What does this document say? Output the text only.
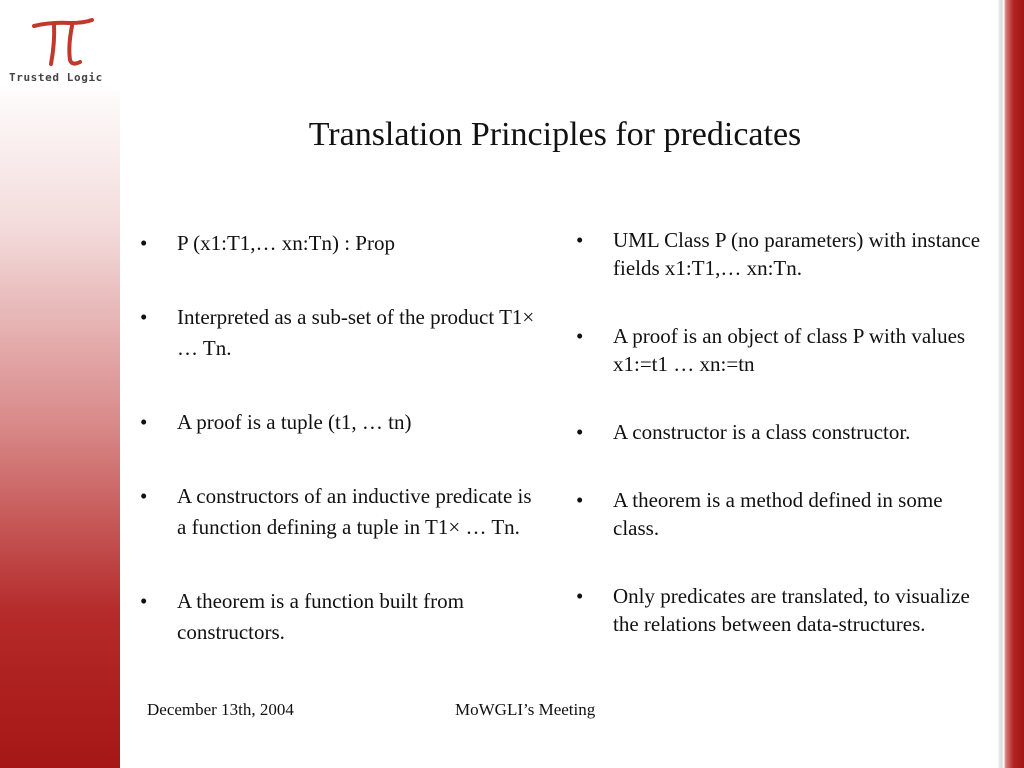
Trusted Logic
Translation Principles for predicates
• P (x1:T1,… xn:Tn) : Prop
• Interpreted as a sub-set of the product T1× … Tn.
• A proof is a tuple (t1, … tn)
• A constructors of an inductive predicate is a function defining a tuple in T1× … Tn.
• A theorem is a function built from constructors.
• UML Class P (no parameters) with instance fields x1:T1,… xn:Tn.
• A proof is an object of class P with values x1:=t1 … xn:=tn
• A constructor is a class constructor.
• A theorem is a method defined in some class.
• Only predicates are translated, to visualize the relations between data-structures.
December 13th, 2004	MoWGLI’s Meeting
